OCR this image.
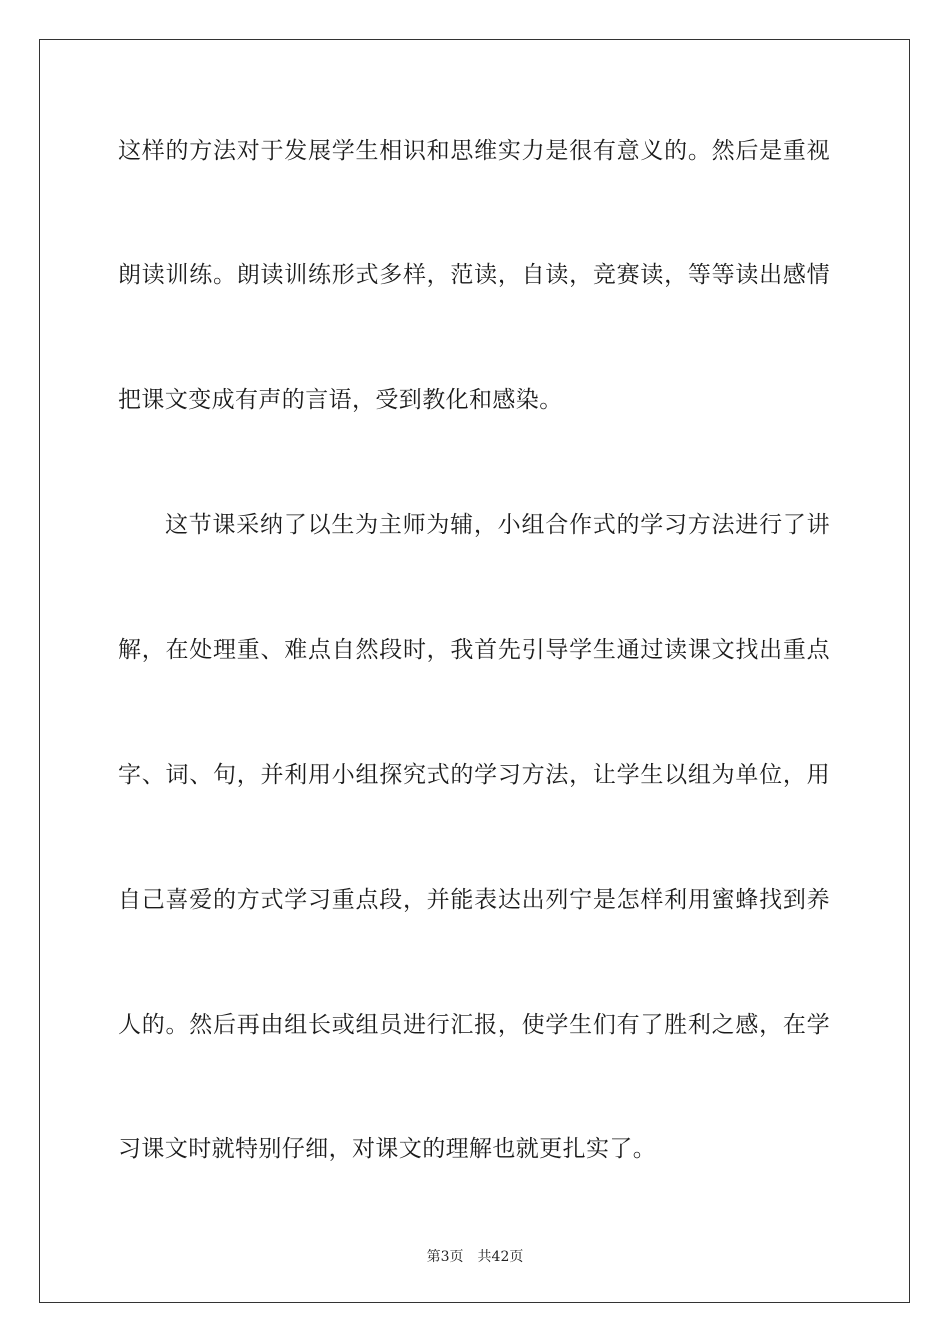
这样的方法对于发展学生相识和思维实力是很有意义的。然后是重视
朗读训练。朗读训练形式多样，范读，自读，竞赛读，等等读出感情
把课文变成有声的言语，受到教化和感染。
这节课采纳了以生为主师为辅，小组合作式的学习方法进行了讲
解，在处理重、难点自然段时，我首先引导学生通过读课文找出重点
字、词、句，并利用小组探究式的学习方法，让学生以组为单位，用
自己喜爱的方式学习重点段，并能表达出列宁是怎样利用蜜蜂找到养
人的。然后再由组长或组员进行汇报，使学生们有了胜利之感，在学
习课文时就特别仔细，对课文的理解也就更扎实了。
第3页 共42页
